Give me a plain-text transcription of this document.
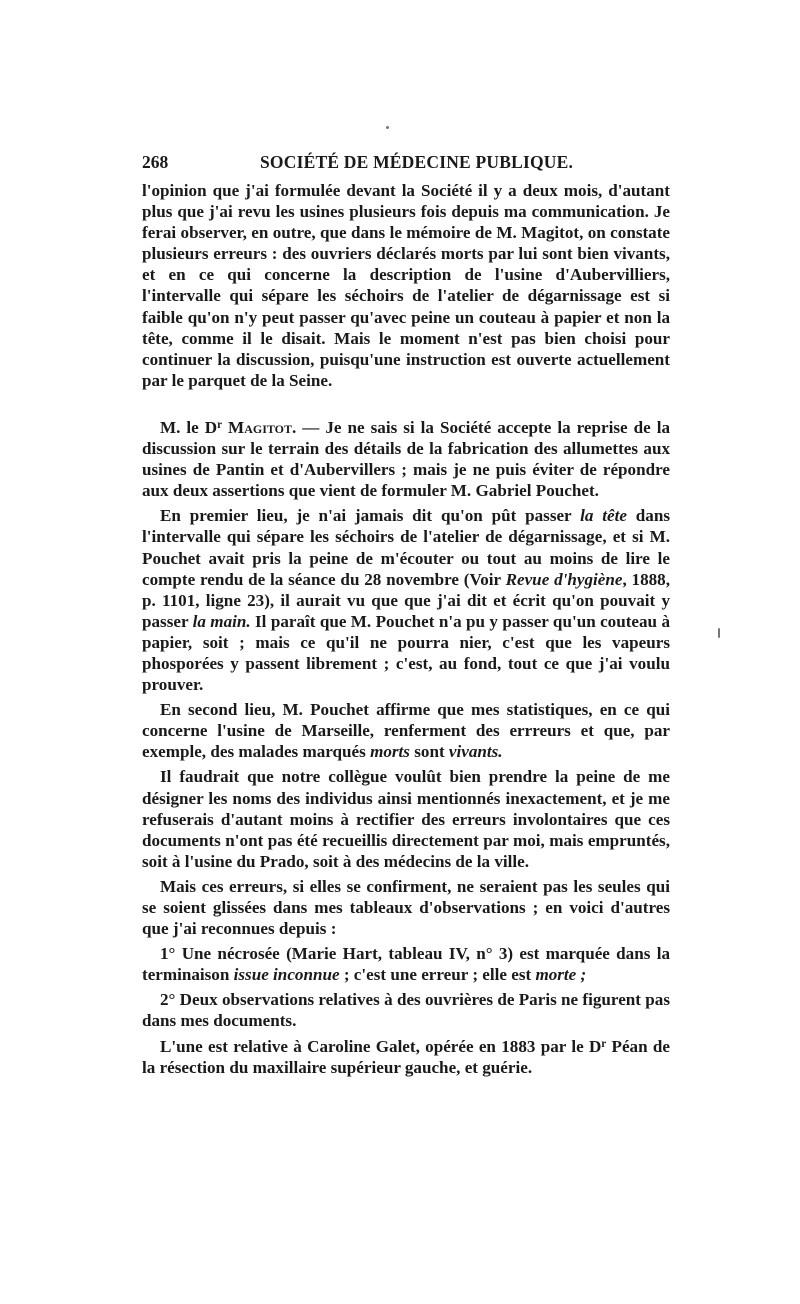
268	SOCIÉTÉ DE MÉDECINE PUBLIQUE.

l'opinion que j'ai formulée devant la Société il y a deux mois, d'autant plus que j'ai revu les usines plusieurs fois depuis ma communication. Je ferai observer, en outre, que dans le mémoire de M. Magitot, on constate plusieurs erreurs : des ouvriers déclarés morts par lui sont bien vivants, et en ce qui concerne la description de l'usine d'Aubervilliers, l'intervalle qui sépare les séchoirs de l'atelier de dégarnissage est si faible qu'on n'y peut passer qu'avec peine un couteau à papier et non la tête, comme il le disait. Mais le moment n'est pas bien choisi pour continuer la discussion, puisqu'une instruction est ouverte actuellement par le parquet de la Seine.

M. le $D^r$ Magitot. — Je ne sais si la Société accepte la reprise de la discussion sur le terrain des détails de la fabrication des allumettes aux usines de Pantin et d'Aubervillers ; mais je ne puis éviter de répondre aux deux assertions que vient de formuler M. Gabriel Pouchet.

En premier lieu, je n'ai jamais dit qu'on pût passer la tête dans l'intervalle qui sépare les séchoirs de l'atelier de dégarnissage, et si M. Pouchet avait pris la peine de m'écouter ou tout au moins de lire le compte rendu de la séance du 28 novembre (Voir Revue d'hygiène, 1888, p. 1101, ligne 23), il aurait vu que que j'ai dit et écrit qu'on pouvait y passer la main. Il paraît que M. Pouchet n'a pu y passer qu'un couteau à papier, soit ; mais ce qu'il ne pourra nier, c'est que les vapeurs phosporées y passent librement ; c'est, au fond, tout ce que j'ai voulu prouver.

En second lieu, M. Pouchet affirme que mes statistiques, en ce qui concerne l'usine de Marseille, renferment des errreurs et que, par exemple, des malades marqués morts sont vivants.

Il faudrait que notre collègue voulût bien prendre la peine de me désigner les noms des individus ainsi mentionnés inexactement, et je me refuserais d'autant moins à rectifier des erreurs involontaires que ces documents n'ont pas été recueillis directement par moi, mais empruntés, soit à l'usine du Prado, soit à des médecins de la ville.

Mais ces erreurs, si elles se confirment, ne seraient pas les seules qui se soient glissées dans mes tableaux d'observations ; en voici d'autres que j'ai reconnues depuis :

1° Une nécrosée (Marie Hart, tableau IV, n° 3) est marquée dans la terminaison issue inconnue ; c'est une erreur ; elle est morte ;

2° Deux observations relatives à des ouvrières de Paris ne figurent pas dans mes documents.

L'une est relative à Caroline Galet, opérée en 1883 par le $D^r$ Péan de la résection du maxillaire supérieur gauche, et guérie.
